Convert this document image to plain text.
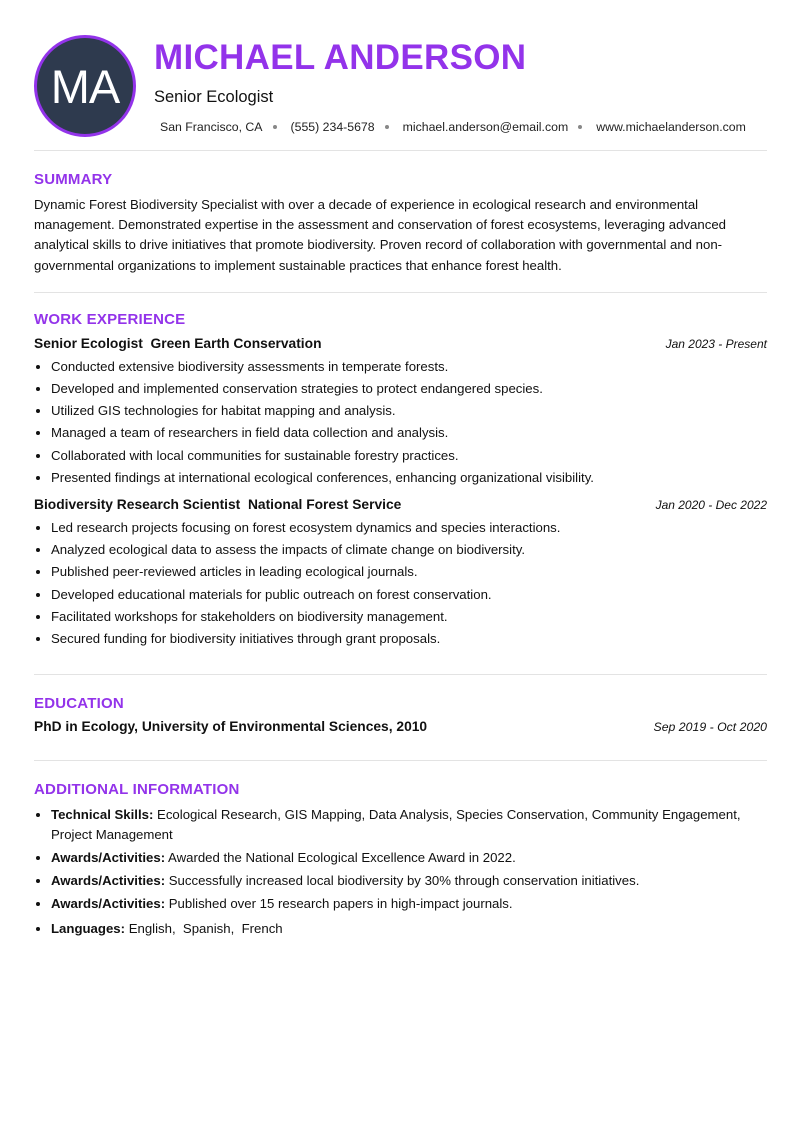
MA
MICHAEL ANDERSON
Senior Ecologist
San Francisco, CA (555) 234-5678 michael.anderson@email.com www.michaelanderson.com
SUMMARY

Dynamic Forest Biodiversity Specialist with over a decade of experience in ecological research and environmental management. Demonstrated expertise in the assessment and conservation of forest ecosystems, leveraging advanced analytical skills to drive initiatives that promote biodiversity. Proven record of collaboration with governmental and non-governmental organizations to implement sustainable practices that enhance forest health.

WORK EXPERIENCE
Senior Ecologist  Green Earth Conservation	Jan 2023 - Present
• Conducted extensive biodiversity assessments in temperate forests.
• Developed and implemented conservation strategies to protect endangered species.
• Utilized GIS technologies for habitat mapping and analysis.
• Managed a team of researchers in field data collection and analysis.
• Collaborated with local communities for sustainable forestry practices.
• Presented findings at international ecological conferences, enhancing organizational visibility.
Biodiversity Research Scientist  National Forest Service	Jan 2020 - Dec 2022
• Led research projects focusing on forest ecosystem dynamics and species interactions.
• Analyzed ecological data to assess the impacts of climate change on biodiversity.
• Published peer-reviewed articles in leading ecological journals.
• Developed educational materials for public outreach on forest conservation.
• Facilitated workshops for stakeholders on biodiversity management.
• Secured funding for biodiversity initiatives through grant proposals.
EDUCATION
PhD in Ecology, University of Environmental Sciences, 2010	Sep 2019 - Oct 2020
ADDITIONAL INFORMATION
• Technical Skills: Ecological Research, GIS Mapping, Data Analysis, Species Conservation, Community Engagement, Project Management
• Awards/Activities: Awarded the National Ecological Excellence Award in 2022.
• Awards/Activities: Successfully increased local biodiversity by 30% through conservation initiatives.
• Awards/Activities: Published over 15 research papers in high-impact journals.
• Languages: English,  Spanish,  French
